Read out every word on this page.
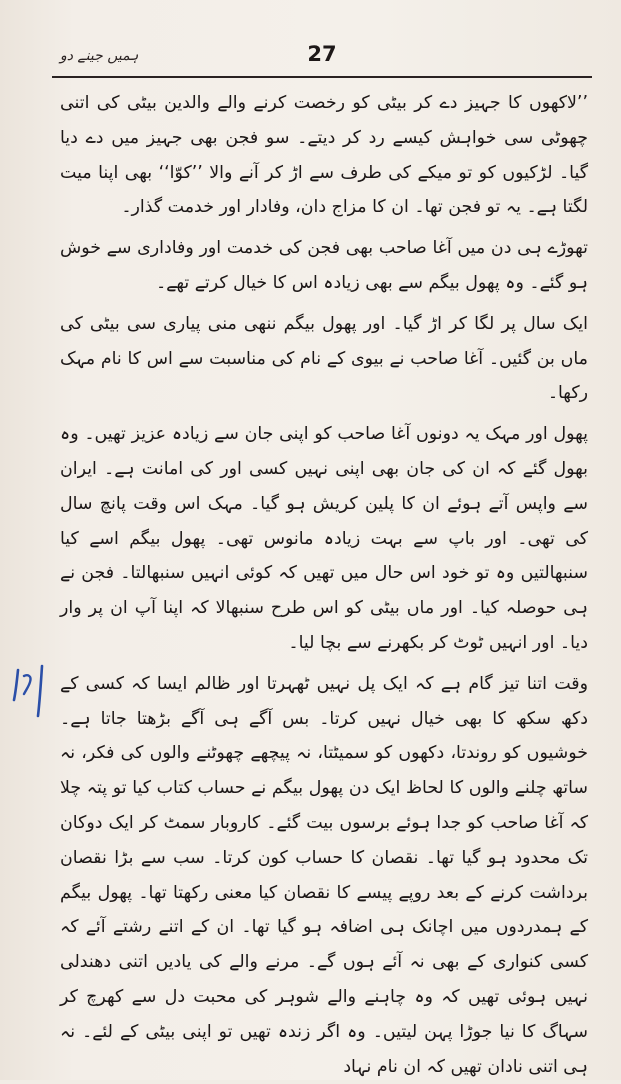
ہمیں جینے دو	27

’’لاکھوں کا جہیز دے کر بیٹی کو رخصت کرنے والے والدین بیٹی کی اتنی چھوٹی سی خواہش کیسے رد کر دیتے۔ سو فجن بھی جہیز میں دے دیا گیا۔ لڑکیوں کو تو میکے کی طرف سے اڑ کر آنے والا ’’کوّا‘‘ بھی اپنا میت لگتا ہے۔ یہ تو فجن تھا۔ ان کا مزاج دان، وفادار اور خدمت گذار۔

تھوڑے ہی دن میں آغا صاحب بھی فجن کی خدمت اور وفاداری سے خوش ہو گئے۔ وہ پھول بیگم سے بھی زیادہ اس کا خیال کرتے تھے۔

ایک سال پر لگا کر اڑ گیا۔ اور پھول بیگم ننھی منی پیاری سی بیٹی کی ماں بن گئیں۔ آغا صاحب نے بیوی کے نام کی مناسبت سے اس کا نام مہک رکھا۔

پھول اور مہک یہ دونوں آغا صاحب کو اپنی جان سے زیادہ عزیز تھیں۔ وہ بھول گئے کہ ان کی جان بھی اپنی نہیں کسی اور کی امانت ہے۔ ایران سے واپس آتے ہوئے ان کا پلین کریش ہو گیا۔ مہک اس وقت پانچ سال کی تھی۔ اور باپ سے بہت زیادہ مانوس تھی۔ پھول بیگم اسے کیا سنبھالتیں وہ تو خود اس حال میں تھیں کہ کوئی انہیں سنبھالتا۔ فجن نے ہی حوصلہ کیا۔ اور ماں بیٹی کو اس طرح سنبھالا کہ اپنا آپ ان پر وار دیا۔ اور انہیں ٹوٹ کر بکھرنے سے بچا لیا۔

وقت اتنا تیز گام ہے کہ ایک پل نہیں ٹھہرتا اور ظالم ایسا کہ کسی کے دکھ سکھ کا بھی خیال نہیں کرتا۔ بس آگے ہی آگے بڑھتا جاتا ہے۔ خوشیوں کو روندتا، دکھوں کو سمیٹتا، نہ پیچھے چھوٹنے والوں کی فکر، نہ ساتھ چلنے والوں کا لحاظ ایک دن پھول بیگم نے حساب کتاب کیا تو پتہ چلا کہ آغا صاحب کو جدا ہوئے برسوں بیت گئے۔ کاروبار سمٹ کر ایک دوکان تک محدود ہو گیا تھا۔ نقصان کا حساب کون کرتا۔ سب سے بڑا نقصان برداشت کرنے کے بعد روپے پیسے کا نقصان کیا معنی رکھتا تھا۔ پھول بیگم کے ہمدردوں میں اچانک ہی اضافہ ہو گیا تھا۔ ان کے اتنے رشتے آئے کہ کسی کنواری کے بھی نہ آئے ہوں گے۔ مرنے والے کی یادیں اتنی دھندلی نہیں ہوئی تھیں کہ وہ چاہنے والے شوہر کی محبت دل سے کھرچ کر سہاگ کا نیا جوڑا پہن لیتیں۔ وہ اگر زندہ تھیں تو اپنی بیٹی کے لئے۔ نہ ہی اتنی نادان تھیں کہ ان نام نہاد
